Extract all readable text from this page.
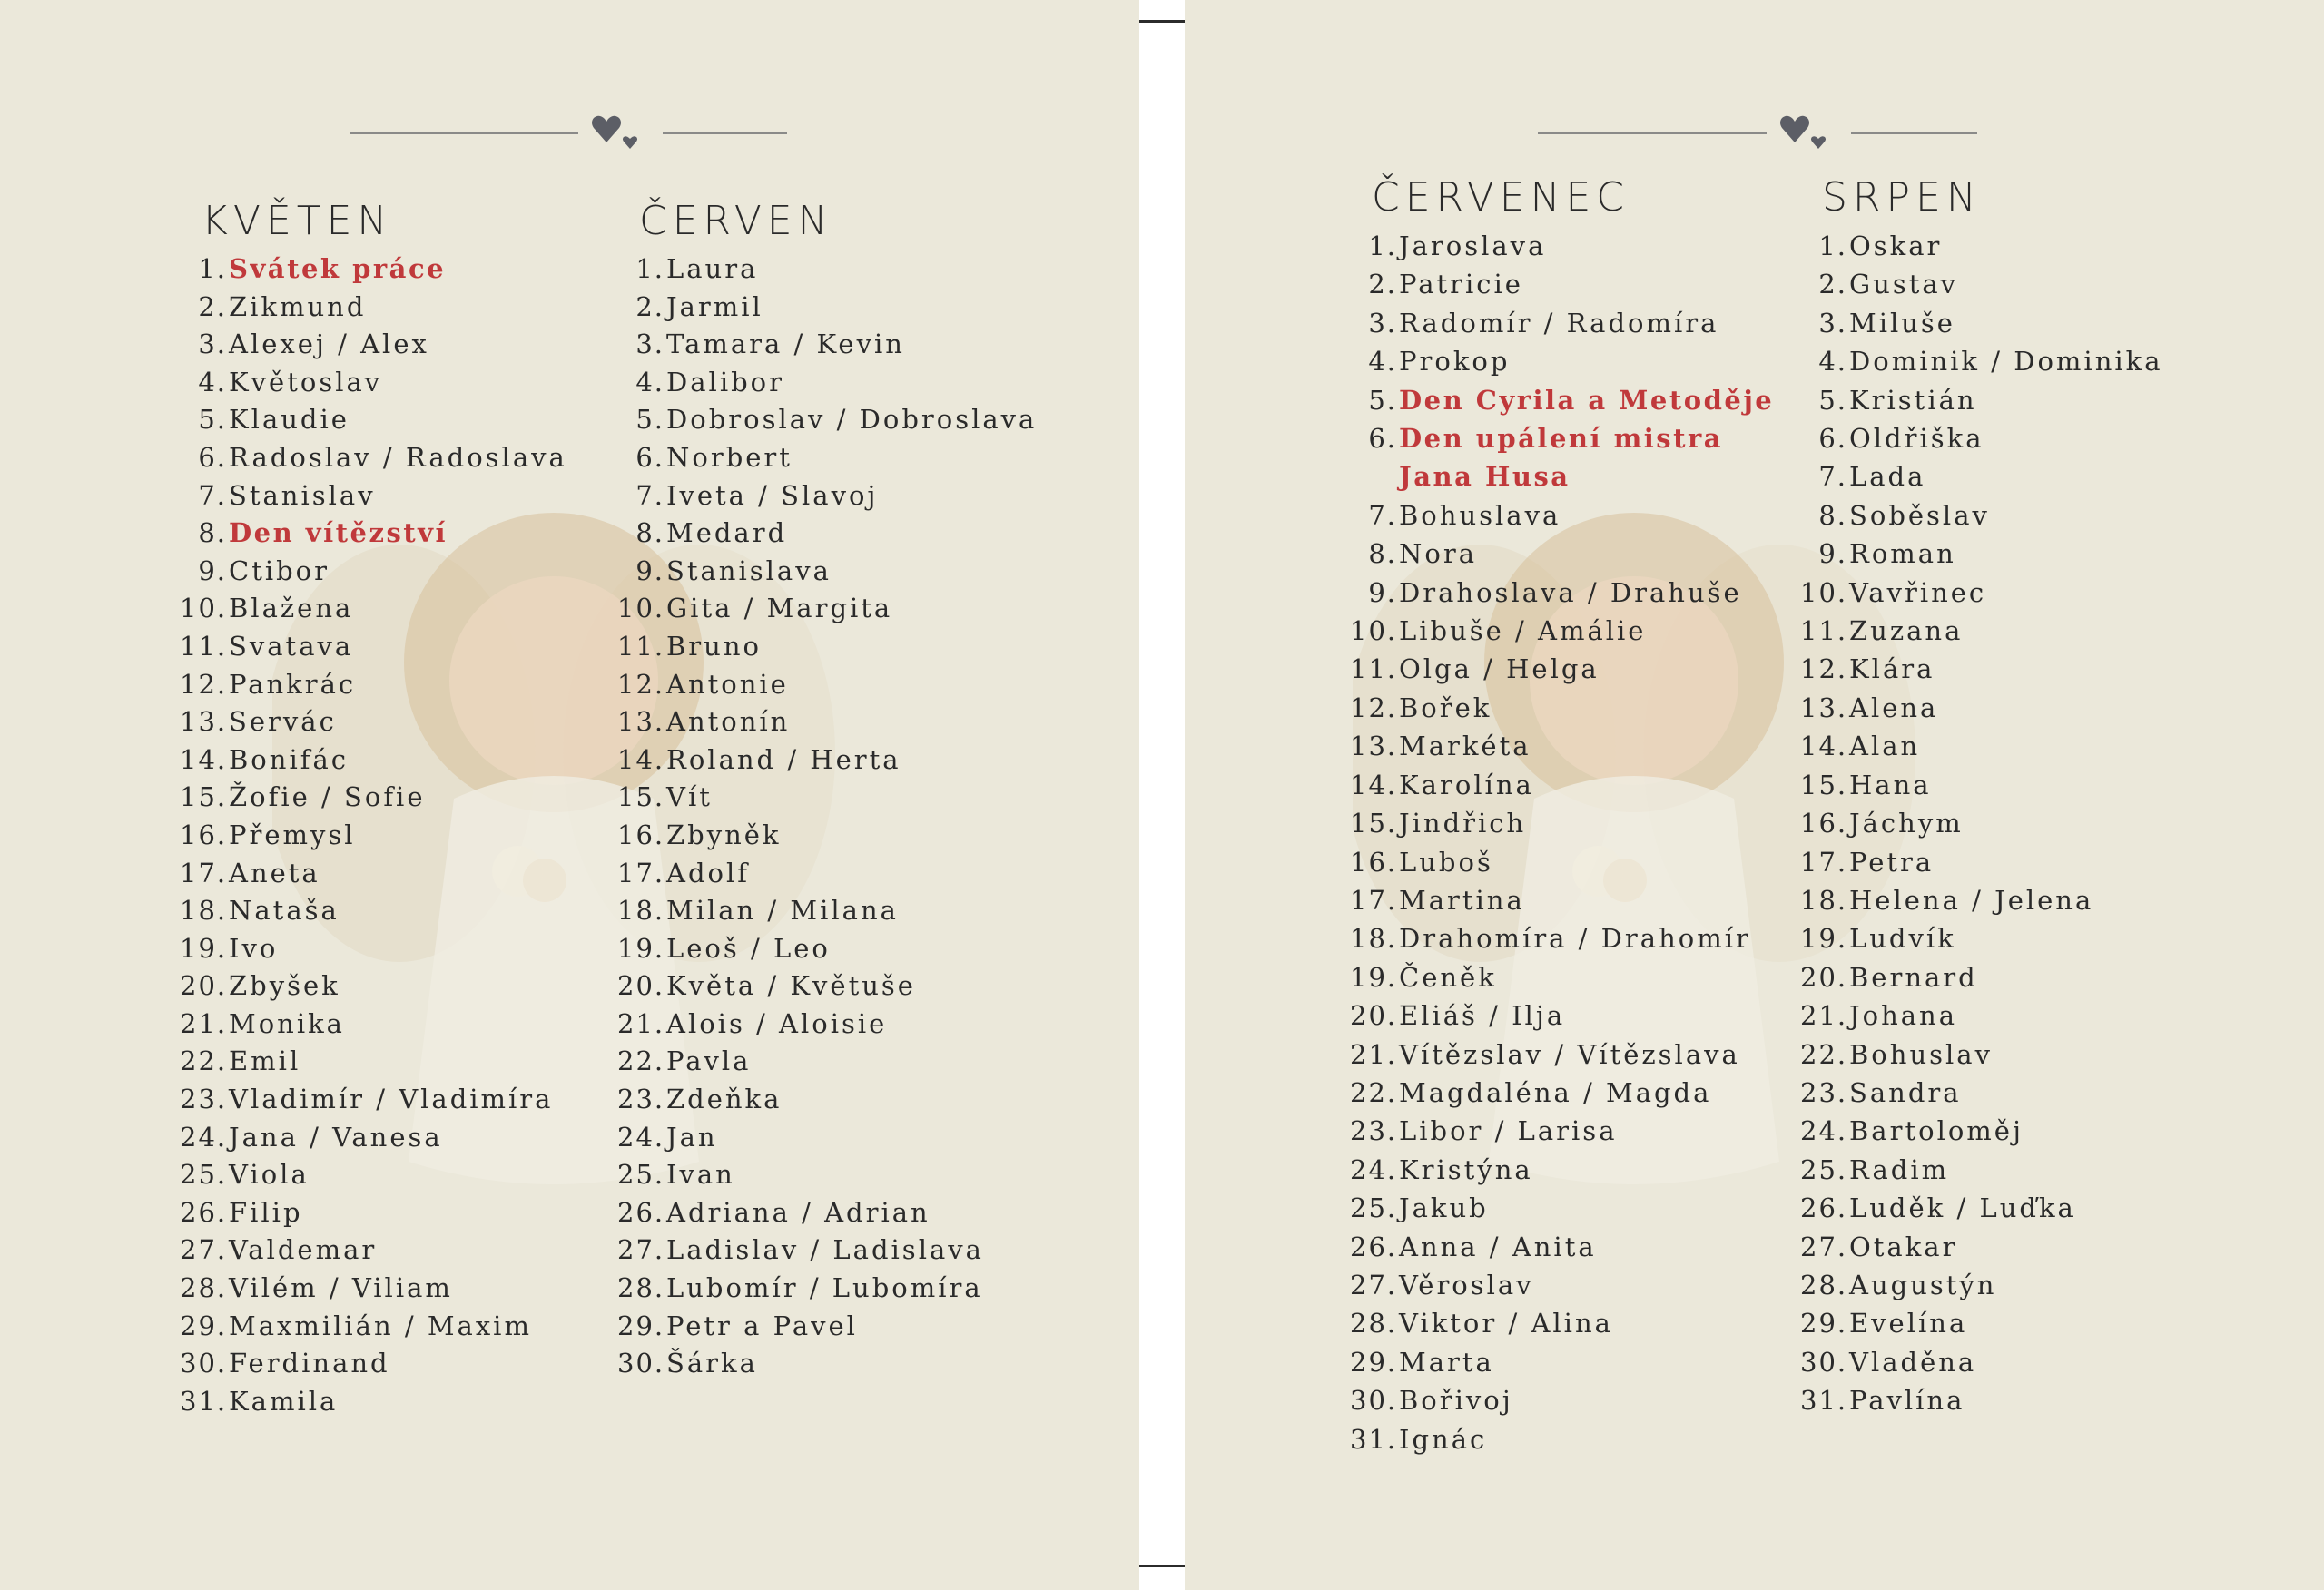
KVĚTEN
1. Svátek práce
2. Zikmund
3. Alexej / Alex
4. Květoslav
5. Klaudie
6. Radoslav / Radoslava
7. Stanislav
8. Den vítězství
9. Ctibor
10. Blažena
11. Svatava
12. Pankrác
13. Servác
14. Bonifác
15. Žofie / Sofie
16. Přemysl
17. Aneta
18. Nataša
19. Ivo
20. Zbyšek
21. Monika
22. Emil
23. Vladimír / Vladimíra
24. Jana / Vanesa
25. Viola
26. Filip
27. Valdemar
28. Vilém / Viliam
29. Maxmilián / Maxim
30. Ferdinand
31. Kamila
ČERVEN
1. Laura
2. Jarmil
3. Tamara / Kevin
4. Dalibor
5. Dobroslav / Dobroslava
6. Norbert
7. Iveta / Slavoj
8. Medard
9. Stanislava
10. Gita / Margita
11. Bruno
12. Antonie
13. Antonín
14. Roland / Herta
15. Vít
16. Zbyněk
17. Adolf
18. Milan / Milana
19. Leoš / Leo
20. Květa / Květuše
21. Alois / Aloisie
22. Pavla
23. Zdeňka
24. Jan
25. Ivan
26. Adriana / Adrian
27. Ladislav / Ladislava
28. Lubomír / Lubomíra
29. Petr a Pavel
30. Šárka
ČERVENEC
1. Jaroslava
2. Patricie
3. Radomír / Radomíra
4. Prokop
5. Den Cyrila a Metoděje
6. Den upálení mistra Jana Husa
7. Bohuslava
8. Nora
9. Drahoslava / Drahuše
10. Libuše / Amálie
11. Olga / Helga
12. Bořek
13. Markéta
14. Karolína
15. Jindřich
16. Luboš
17. Martina
18. Drahomíra / Drahomír
19. Čeněk
20. Eliáš / Ilja
21. Vítězslav / Vítězslava
22. Magdaléna / Magda
23. Libor / Larisa
24. Kristýna
25. Jakub
26. Anna / Anita
27. Věroslav
28. Viktor / Alina
29. Marta
30. Bořivoj
31. Ignác
SRPEN
1. Oskar
2. Gustav
3. Miluše
4. Dominik / Dominika
5. Kristián
6. Oldřiška
7. Lada
8. Soběslav
9. Roman
10. Vavřinec
11. Zuzana
12. Klára
13. Alena
14. Alan
15. Hana
16. Jáchym
17. Petra
18. Helena / Jelena
19. Ludvík
20. Bernard
21. Johana
22. Bohuslav
23. Sandra
24. Bartoloměj
25. Radim
26. Luděk / Luďka
27. Otakar
28. Augustýn
29. Evelína
30. Vladěna
31. Pavlína
